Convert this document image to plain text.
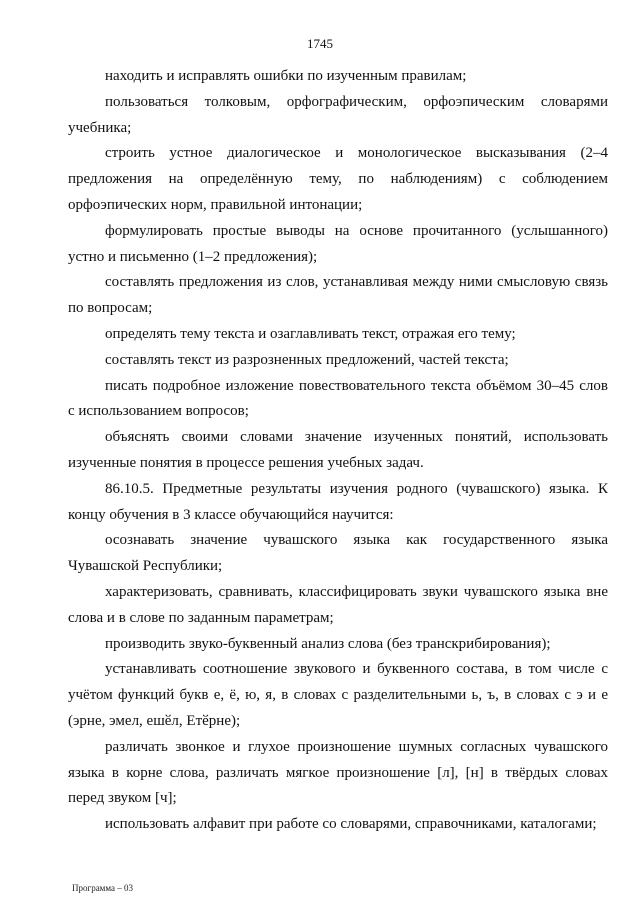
1745

находить и исправлять ошибки по изученным правилам;

пользоваться толковым, орфографическим, орфоэпическим словарями учебника;

строить устное диалогическое и монологическое высказывания (2–4 предложения на определённую тему, по наблюдениям) с соблюдением орфоэпических норм, правильной интонации;

формулировать простые выводы на основе прочитанного (услышанного) устно и письменно (1–2 предложения);

составлять предложения из слов, устанавливая между ними смысловую связь по вопросам;

определять тему текста и озаглавливать текст, отражая его тему;

составлять текст из разрозненных предложений, частей текста;

писать подробное изложение повествовательного текста объёмом 30–45 слов с использованием вопросов;

объяснять своими словами значение изученных понятий, использовать изученные понятия в процессе решения учебных задач.

86.10.5. Предметные результаты изучения родного (чувашского) языка. К концу обучения в 3 классе обучающийся научится:

осознавать значение чувашского языка как государственного языка Чувашской Республики;

характеризовать, сравнивать, классифицировать звуки чувашского языка вне слова и в слове по заданным параметрам;

производить звуко-буквенный анализ слова (без транскрибирования);

устанавливать соотношение звукового и буквенного состава, в том числе с учётом функций букв е, ё, ю, я, в словах с разделительными ь, ъ, в словах с э и е (эрне, эмел, ешӗл, Етӗрне);

различать звонкое и глухое произношение шумных согласных чувашского языка в корне слова, различать мягкое произношение [л], [н] в твёрдых словах перед звуком [ч];

использовать алфавит при работе со словарями, справочниками, каталогами;

Программа – 03
